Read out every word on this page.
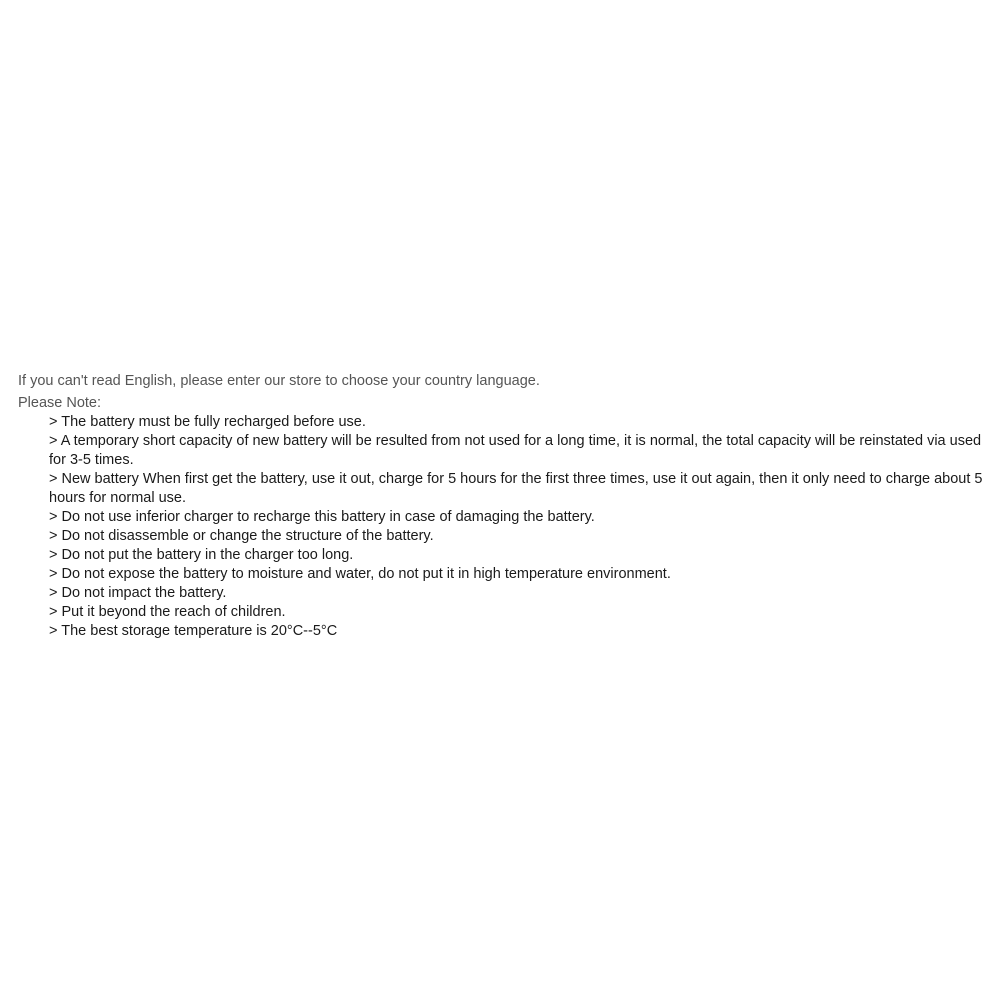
If you can't read English, please enter our store to choose your country language.

Please Note:

> The battery must be fully recharged before use.
> A temporary short capacity of new battery will be resulted from not used for a long time, it is normal, the total capacity will be reinstated via used for 3-5 times.
> New battery When first get the battery, use it out, charge for 5 hours for the first three times, use it out again, then it only need to charge about 5 hours for normal use.
> Do not use inferior charger to recharge this battery in case of damaging the battery.
> Do not disassemble or change the structure of the battery.
> Do not put the battery in the charger too long.
> Do not expose the battery to moisture and water, do not put it in high temperature environment.
> Do not impact the battery.
> Put it beyond the reach of children.
> The best storage temperature is 20°C--5°C
